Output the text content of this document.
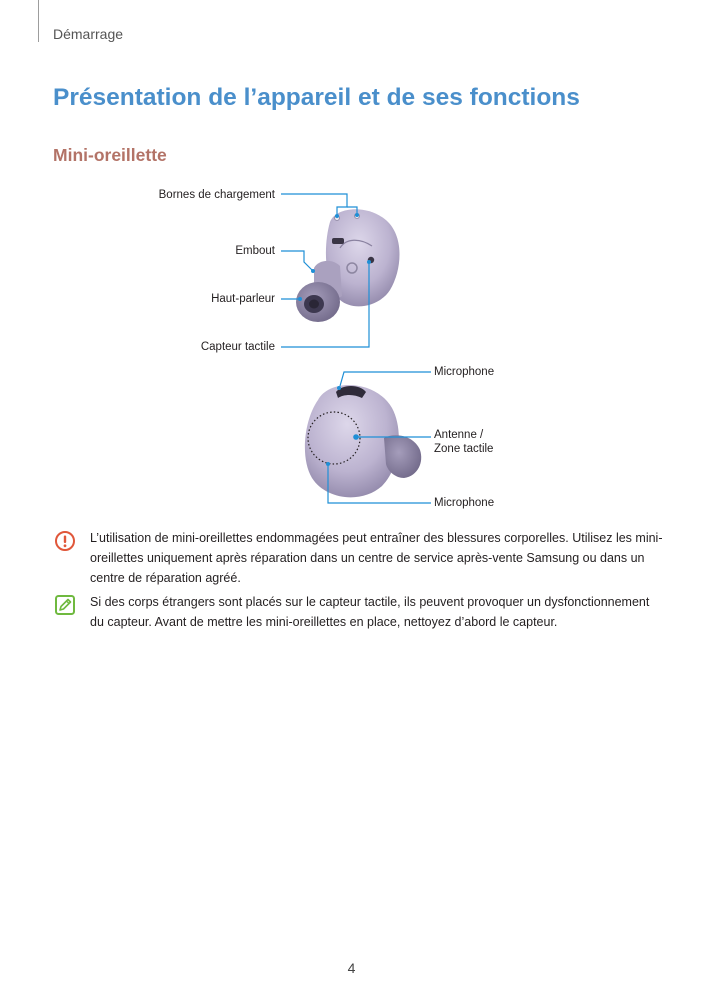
Démarrage
Présentation de l’appareil et de ses fonctions
Mini-oreillette
Bornes de chargement
Embout
Haut-parleur
Capteur tactile
Microphone
Antenne /
Zone tactile
Microphone

L’utilisation de mini-oreillettes endommagées peut entraîner des blessures corporelles. Utilisez les mini-oreillettes uniquement après réparation dans un centre de service après-vente Samsung ou dans un centre de réparation agréé.

Si des corps étrangers sont placés sur le capteur tactile, ils peuvent provoquer un dysfonctionnement du capteur. Avant de mettre les mini-oreillettes en place, nettoyez d’abord le capteur.

4
